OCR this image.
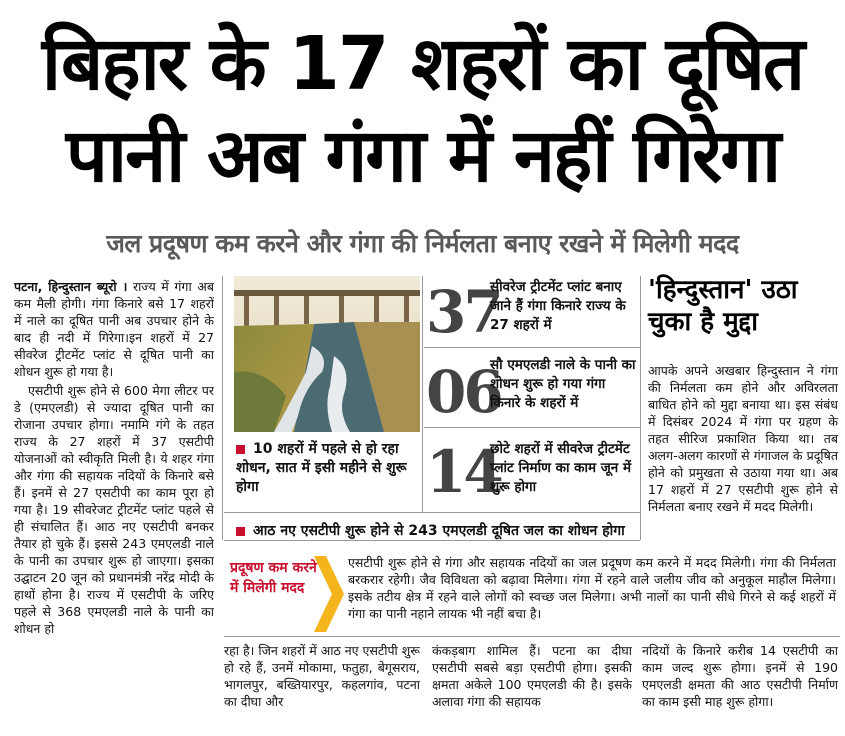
बिहार के 17 शहरों का दूषित
पानी अब गंगा में नहीं गिरेगा
जल प्रदूषण कम करने और गंगा की निर्मलता बनाए रखने में मिलेगी मदद

पटना, हिन्दुस्तान ब्यूरो । राज्य में गंगा अब कम मैली होगी। गंगा किनारे बसे 17 शहरों में नाले का दूषित पानी अब उपचार होने के बाद ही नदी में गिरेगा।इन शहरों में 27 सीवरेज ट्रीटमेंट प्लांट से दूषित पानी का शोधन शुरू हो गया है।

एसटीपी शुरू होने से 600 मेगा लीटर पर डे (एमएलडी) से ज्यादा दूषित पानी का रोजाना उपचार होगा। नमामि गंगे के तहत राज्य के 27 शहरों में 37 एसटीपी योजनाओं को स्वीकृति मिली है। ये शहर गंगा और गंगा की सहायक नदियों के किनारे बसे हैं। इनमें से 27 एसटीपी का काम पूरा हो गया है। 19 सीवरेजट ट्रीटमेंट प्लांट पहले से ही संचालित हैं। आठ नए एसटीपी बनकर तैयार हो चुके हैं। इससे 243 एमएलडी नाले के पानी का उपचार शुरू हो जाएगा। इसका उद्घाटन 20 जून को प्रधानमंत्री नरेंद्र मोदी के हाथों होना है। राज्य में एसटीपी के जरिए पहले से 368 एमएलडी नाले के पानी का शोधन हो

10 शहरों में पहले से हो रहा शोधन, सात में इसी महीने से शुरू होगा
आठ नए एसटीपी शुरू होने से 243 एमएलडी दूषित जल का शोधन होगा
37
सीवरेज ट्रीटमेंट प्लांट बनाए जाने हैं गंगा किनारे राज्य के 27 शहरों में
06
सौ एमएलडी नाले के पानी का शोधन शुरू हो गया गंगा किनारे के शहरों में
14
छोटे शहरों में सीवरेज ट्रीटमेंट प्लांट निर्माण का काम जून में शुरू होगा
'हिन्दुस्तान' उठा चुका है मुद्दा
आपके अपने अखबार हिन्दुस्तान ने गंगा की निर्मलता कम होने और अविरलता बाधित होने को मुद्दा बनाया था। इस संबंध में दिसंबर 2024 में गंगा पर ग्रहण के तहत सीरिज प्रकाशित किया था। तब अलग-अलग कारणों से गंगाजल के प्रदूषित होने को प्रमुखता से उठाया गया था। अब 17 शहरों में 27 एसटीपी शुरू होने से निर्मलता बनाए रखने में मदद मिलेगी।
प्रदूषण कम करने में मिलेगी मदद
एसटीपी शुरू होने से गंगा और सहायक नदियों का जल प्रदूषण कम करने में मदद मिलेगी। गंगा की निर्मलता बरकरार रहेगी। जैव विविधता को बढ़ावा मिलेगा। गंगा में रहने वाले जलीय जीव को अनुकूल माहौल मिलेगा। इसके तटीय क्षेत्र में रहने वाले लोगों को स्वच्छ जल मिलेगा। अभी नालों का पानी सीधे गिरने से कई शहरों में गंगा का पानी नहाने लायक भी नहीं बचा है।
रहा है। जिन शहरों में आठ नए एसटीपी शुरू हो रहे हैं, उनमें मोकामा, फतुहा, बेगूसराय, भागलपुर, बख्तियारपुर, कहलगांव, पटना का दीघा और
कंकड़बाग शामिल हैं। पटना का दीघा एसटीपी सबसे बड़ा एसटीपी होगा। इसकी क्षमता अकेले 100 एमएलडी की है। इसके अलावा गंगा की सहायक
नदियों के किनारे करीब 14 एसटीपी का काम जल्द शुरू होगा। इनमें से 190 एमएलडी क्षमता की आठ एसटीपी निर्माण का काम इसी माह शुरू होगा।
